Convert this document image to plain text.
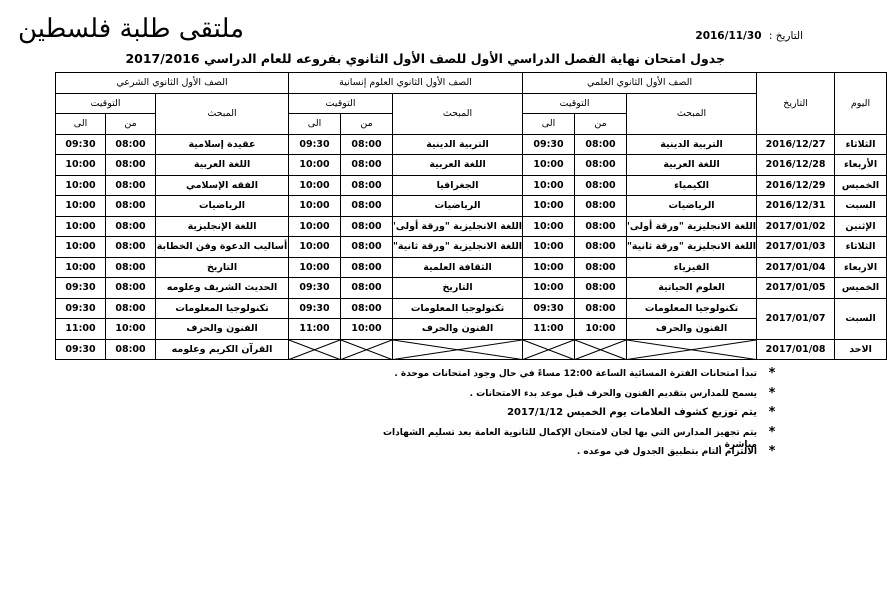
ملتقى طلبة فلسطين	التاريخ : 2016/11/30
جدول امتحان نهاية الفصل الدراسي الأول للصف الأول الثانوي بفروعه للعام الدراسي 2017/2016
اليوم	التاريخ	الصف الأول الثانوي العلمي			الصف الأول الثانوي العلوم إنسانية			الصف الأول الثانوي الشرعي		
		المبحث	التوقيت		المبحث	التوقيت		المبحث	التوقيت	
			من	الى		من	الى		من	الى
الثلاثاء	2016/12/27	التربية الدينية	08:00	09:30	التربية الدينية	08:00	09:30	عقيدة إسلامية	08:00	09:30
الأربعاء	2016/12/28	اللغة العربية	08:00	10:00	اللغة العربية	08:00	10:00	اللغة العربية	08:00	10:00
الخميس	2016/12/29	الكيمياء	08:00	10:00	الجغرافيا	08:00	10:00	الفقه الإسلامي	08:00	10:00
السبت	2016/12/31	الرياضيات	08:00	10:00	الرياضيات	08:00	10:00	الرياضيات	08:00	10:00
الإثنين	2017/01/02	اللغة الانجليزية "ورقة أولى"	08:00	10:00	اللغة الانجليزية "ورقة أولى"	08:00	10:00	اللغة الإنجليزية	08:00	10:00
الثلاثاء	2017/01/03	اللغة الانجليزية "ورقة ثانية"	08:00	10:00	اللغة الانجليزية "ورقة ثانية"	08:00	10:00	أساليب الدعوة وفن الخطابة	08:00	10:00
الاربعاء	2017/01/04	الفيزياء	08:00	10:00	الثقافة العلمية	08:00	10:00	التاريخ	08:00	10:00
الخميس	2017/01/05	العلوم الحياتية	08:00	10:00	التاريخ	08:00	09:30	الحديث الشريف وعلومه	08:00	09:30
السبت	2017/01/07	تكنولوجيا المعلومات	08:00	09:30	تكنولوجيا المعلومات	08:00	09:30	تكنولوجيا المعلومات	08:00	09:30
		الفنون والحرف	10:00	11:00	الفنون والحرف	10:00	11:00	الفنون والحرف	10:00	11:00
الاحد	2017/01/08							القرآن الكريم وعلومه	08:00	09:30
*
تبدأ امتحانات الفترة المسائية الساعة 12:00 مساءً في حال وجود امتحانات موحدة .
*
يسمح للمدارس بتقديم الفنون والحرف قبل موعد بدء الامتحانات .
*
يتم توزيع كشوف العلامات يوم الخميس 2017/1/12
*
يتم تجهيز المدارس التي بها لجان لامتحان الإكمال للثانوية العامة بعد تسليم الشهادات مباشرة . *
الالتزام التام بتطبيق الجدول في موعده .
